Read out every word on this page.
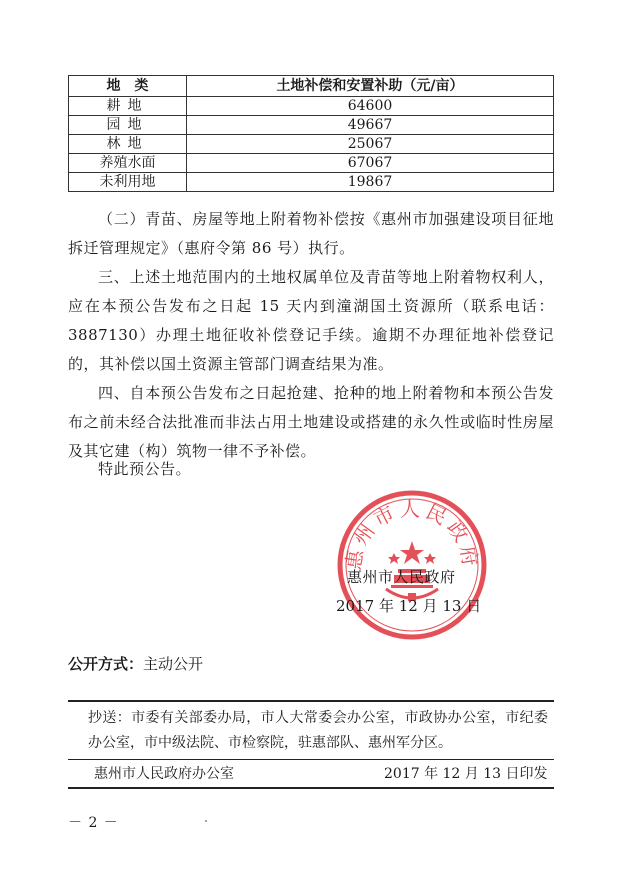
地　类	土地补偿和安置补助（元/亩）
耕地	64600
园地	49667
林地	25067
养殖水面	67067
未利用地	19867

（二）青苗、房屋等地上附着物补偿按《惠州市加强建设项目征地拆迁管理规定》（惠府令第 86 号）执行。

三、上述土地范围内的土地权属单位及青苗等地上附着物权利人，应在本预公告发布之日起 15 天内到潼湖国土资源所（联系电话：3887130）办理土地征收补偿登记手续。逾期不办理征地补偿登记的，其补偿以国土资源主管部门调查结果为准。

四、自本预公告发布之日起抢建、抢种的地上附着物和本预公告发布之前未经合法批准而非法占用土地建设或搭建的永久性或临时性房屋及其它建（构）筑物一律不予补偿。

特此预公告。

惠州市人民政府
惠州市人民政府
2017 年 12 月 13 日
公开方式：主动公开
抄送：市委有关部委办局，市人大常委会办公室，市政协办公室，市纪委办公室，市中级法院、市检察院，驻惠部队、惠州军分区。
惠州市人民政府办公室	2017 年 12 月 13 日印发
－ 2 －
